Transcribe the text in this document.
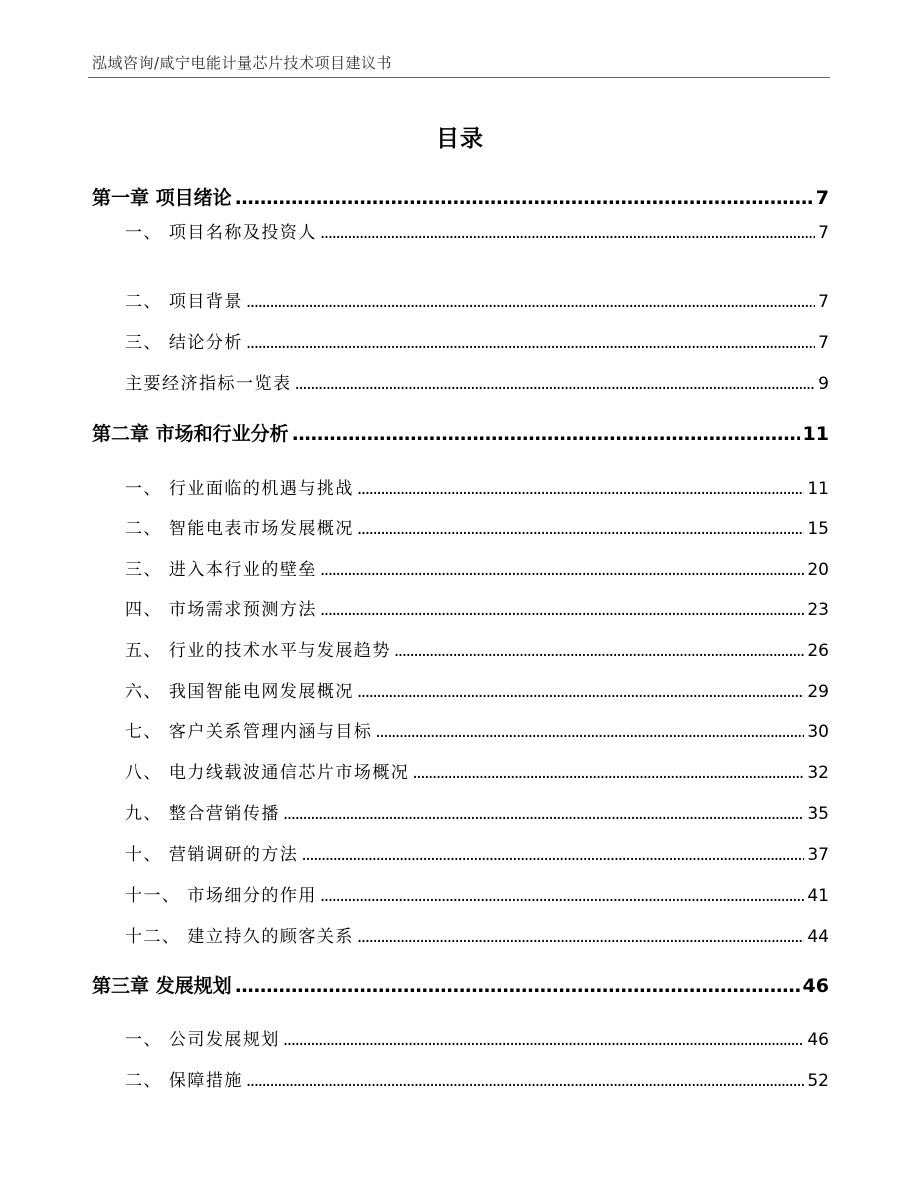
泓域咨询/咸宁电能计量芯片技术项目建议书
目录
第一章 项目绪论 .....	7
一、 项目名称及投资人 .....	7
二、 项目背景 .....	7
三、 结论分析 .....	7
主要经济指标一览表 .....	9
第二章 市场和行业分析 .....	11
一、 行业面临的机遇与挑战 .....	11
二、 智能电表市场发展概况 .....	15
三、 进入本行业的壁垒 .....	20
四、 市场需求预测方法 .....	23
五、 行业的技术水平与发展趋势 .....	26
六、 我国智能电网发展概况 .....	29
七、 客户关系管理内涵与目标 .....	30
八、 电力线载波通信芯片市场概况 .....	32
九、 整合营销传播 .....	35
十、 营销调研的方法 .....	37
十一、 市场细分的作用 .....	41
十二、 建立持久的顾客关系 .....	44
第三章 发展规划 .....	46
一、 公司发展规划 .....	46
二、 保障措施 .....	52
